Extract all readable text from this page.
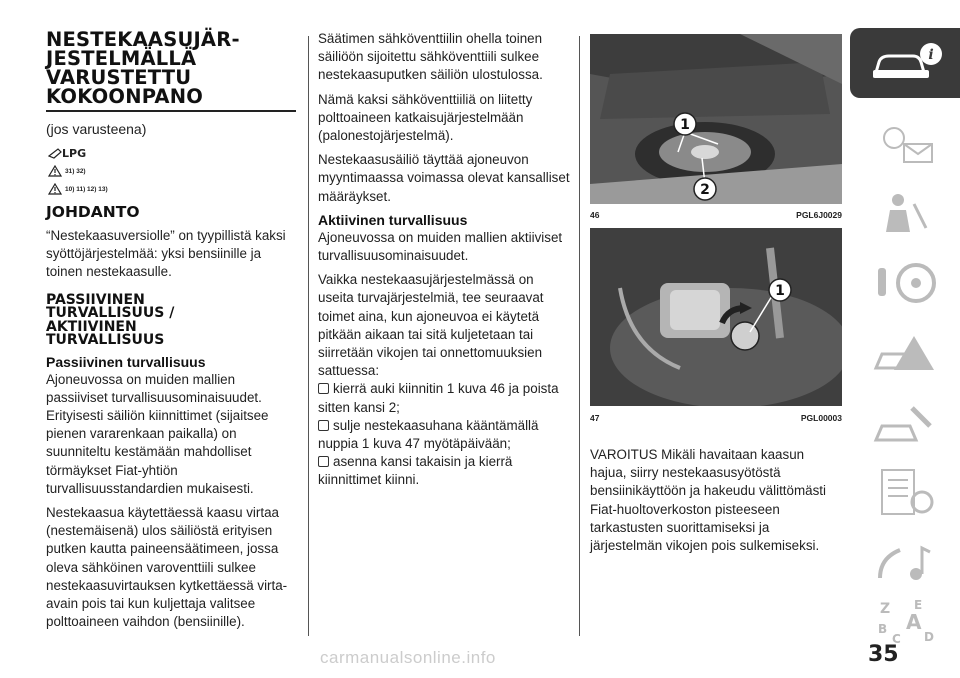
NESTEKAASUJÄR-
JESTELMÄLLÄ
VARUSTETTU
KOKOONPANO
(jos varusteena)
LPG
31) 32)
10) 11) 12) 13)
JOHDANTO

“Nestekaasuversiolle” on tyypillistä kaksi syöttöjärjestelmää: yksi bensiinille ja toinen nestekaasulle.

PASSIIVINEN
TURVALLISUUS /
AKTIIVINEN
TURVALLISUUS
Passiivinen turvallisuus

Ajoneuvossa on muiden mallien passiiviset turvallisuusominaisuudet. Erityisesti säiliön kiinnittimet (sijaitsee pienen vararenkaan paikalla) on suunniteltu kestämään mahdolliset törmäykset Fiat-yhtiön turvallisuusstandardien mukaisesti.

Nestekaasua käytettäessä kaasu virtaa (nestemäisenä) ulos säiliöstä erityisen putken kautta paineensäätimeen, jossa oleva sähköinen varoventtiili sulkee nestekaasuvirtauksen kytkettäessä virta-avain pois tai kun kuljettaja valitsee polttoaineen vaihdon (bensiinille).

Säätimen sähköventtiilin ohella toinen säiliöön sijoitettu sähköventtiili sulkee nestekaasuputken säiliön ulostulossa.

Nämä kaksi sähköventtiiliä on liitetty polttoaineen katkaisujärjestelmään (palonestojärjestelmä).

Nestekaasusäiliö täyttää ajoneuvon myyntimaassa voimassa olevat kansalliset määräykset.

Aktiivinen turvallisuus

Ajoneuvossa on muiden mallien aktiiviset turvallisuusominaisuudet.

Vaikka nestekaasujärjestelmässä on useita turvajärjestelmiä, tee seuraavat toimet aina, kun ajoneuvoa ei käytetä pitkään aikaan tai sitä kuljetetaan tai siirretään vikojen tai onnettomuuksien sattuessa:

kierrä auki kiinnitin 1 kuva 46 ja poista sitten kansi 2;
sulje nestekaasuhana kääntämällä nuppia 1 kuva 47 myötäpäivään;
asenna kansi takaisin ja kierrä kiinnittimet kiinni.
1
2
46	PGL6J0029
1
47	PGL00003

VAROITUS Mikäli havaitaan kaasun hajua, siirry nestekaasusyötöstä bensiinikäyttöön ja hakeudu välittömästi Fiat-huoltoverkoston pisteeseen tarkastusten suorittamiseksi ja järjestelmän vikojen pois sulkemiseksi.

i
Z E
B A
C D
35
carmanualsonline.info
